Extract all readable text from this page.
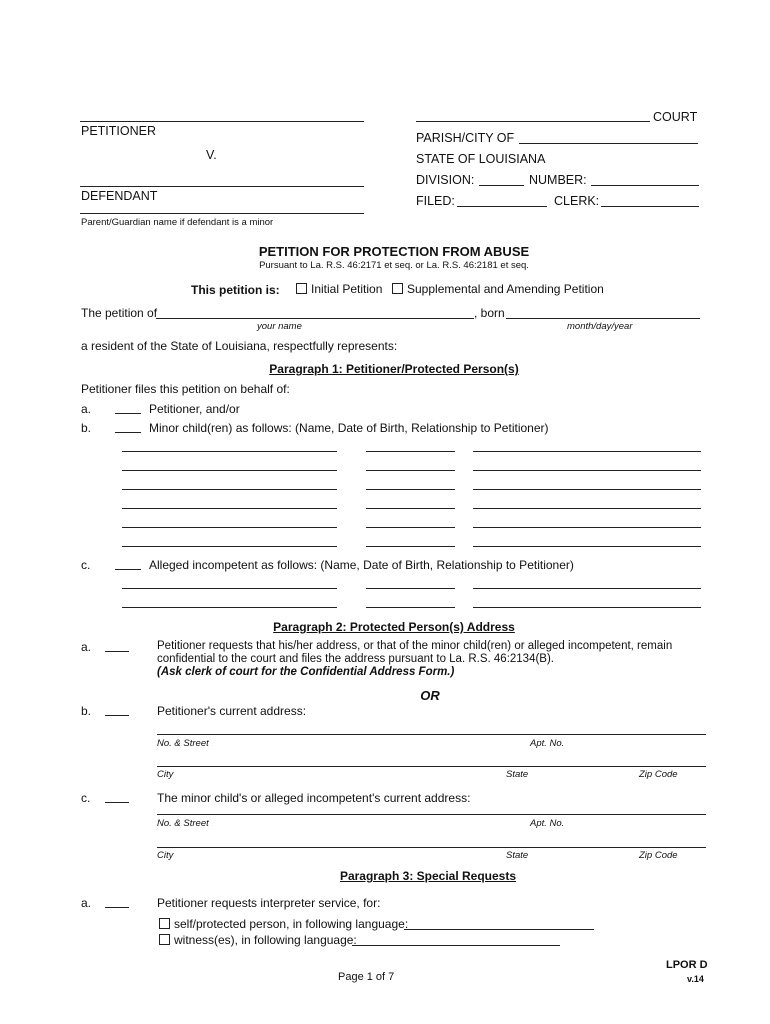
PETITIONER
V.
DEFENDANT
Parent/Guardian name if defendant is a minor
COURT
PARISH/CITY OF
STATE OF LOUISIANA
DIVISION:	NUMBER:
FILED:	CLERK:
PETITION FOR PROTECTION FROM ABUSE
Pursuant to La. R.S. 46:2171 et seq. or La. R.S. 46:2181 et seq.
This petition is:	Initial Petition	Supplemental and Amending Petition
The petition of	, born
your name	month/day/year
a resident of the State of Louisiana, respectfully represents:
Paragraph 1: Petitioner/Protected Person(s)
Petitioner files this petition on behalf of:
a.	Petitioner, and/or
b.	Minor child(ren) as follows: (Name, Date of Birth, Relationship to Petitioner)
c.	Alleged incompetent as follows: (Name, Date of Birth, Relationship to Petitioner)
Paragraph 2: Protected Person(s) Address
a.	Petitioner requests that his/her address, or that of the minor child(ren) or alleged incompetent, remain
confidential to the court and files the address pursuant to La. R.S. 46:2134(B).
(Ask clerk of court for the Confidential Address Form.)
OR
b.	Petitioner's current address:
No. & Street	Apt. No.
City	State	Zip Code
c.	The minor child's or alleged incompetent's current address:
No. & Street	Apt. No.
City	State	Zip Code
Paragraph 3: Special Requests
a.	Petitioner requests interpreter service, for:
self/protected person, in following language:
witness(es), in following language:
LPOR D
Page 1 of 7	v.14
